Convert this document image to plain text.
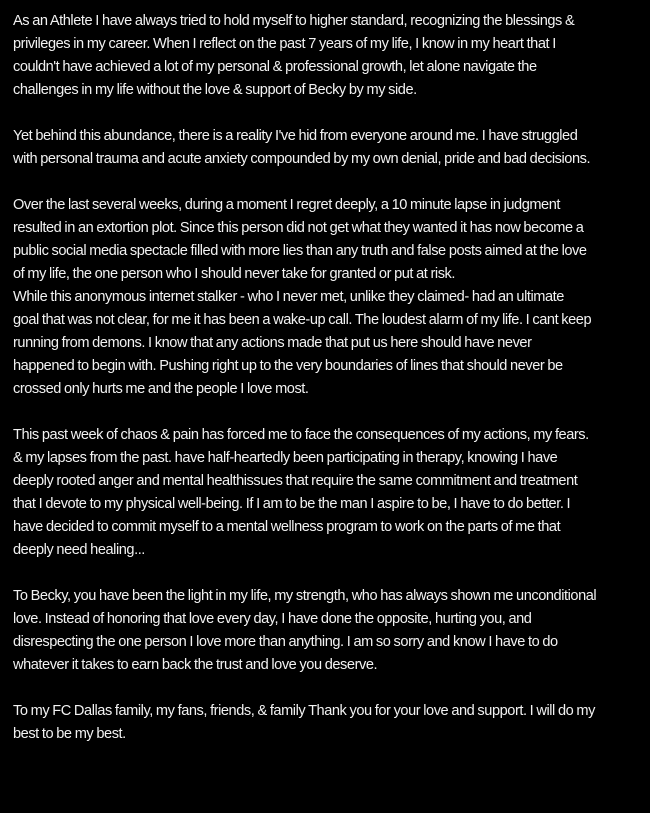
As an Athlete I have always tried to hold myself to higher standard, recognizing the blessings &
privileges in my career. When I reflect on the past 7 years of my life, I know in my heart that I
couldn't have achieved a lot of my personal & professional growth, let alone navigate the
challenges in my life without the love & support of Becky by my side.

Yet behind this abundance, there is a reality I've hid from everyone around me. I have struggled
with personal trauma and acute anxiety compounded by my own denial, pride and bad decisions.

Over the last several weeks, during a moment I regret deeply, a 10 minute lapse in judgment
resulted in an extortion plot. Since this person did not get what they wanted it has now become a
public social media spectacle filled with more lies than any truth and false posts aimed at the love
of my life, the one person who I should never take for granted or put at risk.

While this anonymous internet stalker - who I never met, unlike they claimed- had an ultimate
goal that was not clear, for me it has been a wake-up call. The loudest alarm of my life. I cant keep
running from demons. I know that any actions made that put us here should have never
happened to begin with. Pushing right up to the very boundaries of lines that should never be
crossed only hurts me and the people I love most.

This past week of chaos & pain has forced me to face the consequences of my actions, my fears.
& my lapses from the past. have half-heartedly been participating in therapy, knowing I have
deeply rooted anger and mental healthissues that require the same commitment and treatment
that I devote to my physical well-being. If I am to be the man I aspire to be, I have to do better. I
have decided to commit myself to a mental wellness program to work on the parts of me that
deeply need healing...

To Becky, you have been the light in my life, my strength, who has always shown me unconditional
love. Instead of honoring that love every day, I have done the opposite, hurting you, and
disrespecting the one person I love more than anything. I am so sorry and know I have to do
whatever it takes to earn back the trust and love you deserve.

To my FC Dallas family, my fans, friends, & family Thank you for your love and support. I will do my
best to be my best.
